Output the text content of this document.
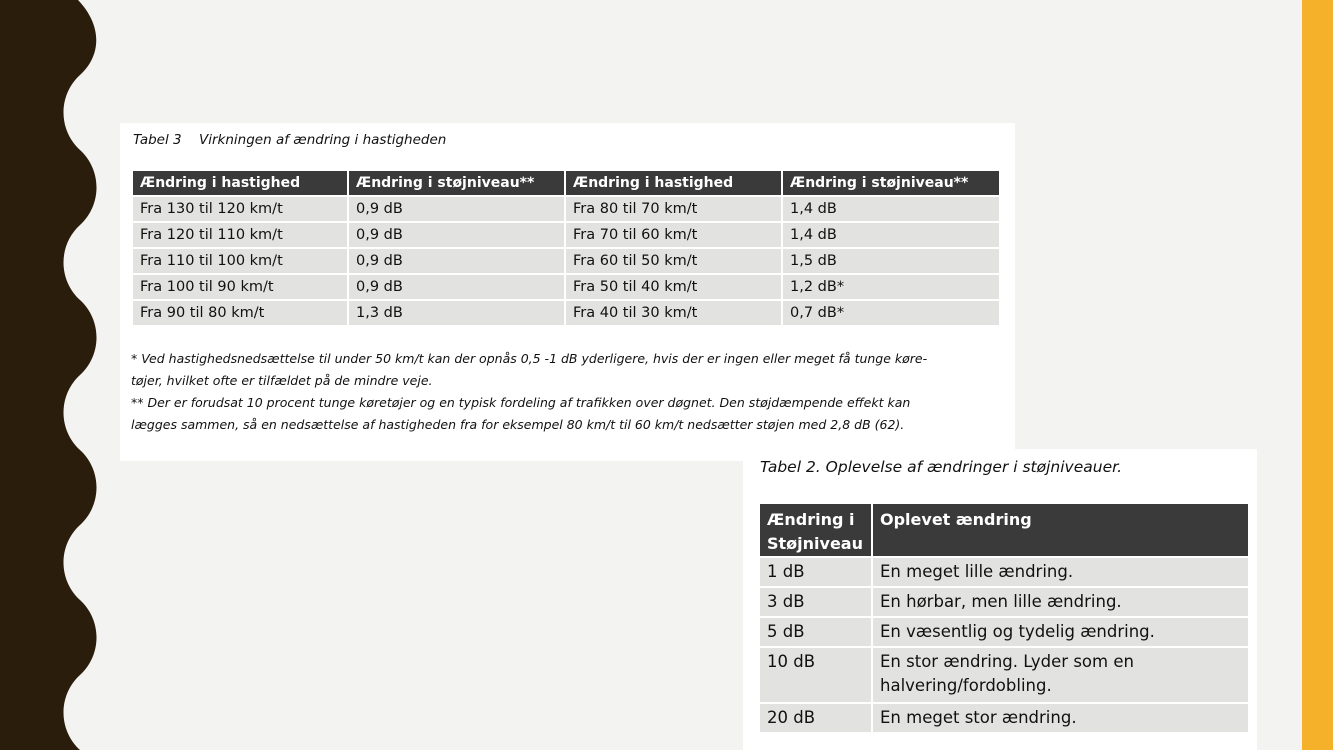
Tabel 3 Virkningen af ændring i hastigheden
Ændring i hastighed	Ændring i støjniveau**	Ændring i hastighed	Ændring i støjniveau**
Fra 130 til 120 km/t	0,9 dB	Fra 80 til 70 km/t	1,4 dB
Fra 120 til 110 km/t	0,9 dB	Fra 70 til 60 km/t	1,4 dB
Fra 110 til 100 km/t	0,9 dB	Fra 60 til 50 km/t	1,5 dB
Fra 100 til 90 km/t	0,9 dB	Fra 50 til 40 km/t	1,2 dB*
Fra 90 til 80 km/t	1,3 dB	Fra 40 til 30 km/t	0,7 dB*
* Ved hastighedsnedsættelse til under 50 km/t kan der opnås 0,5 -1 dB yderligere, hvis der er ingen eller meget få tunge køre-
tøjer, hvilket ofte er tilfældet på de mindre veje.
** Der er forudsat 10 procent tunge køretøjer og en typisk fordeling af trafikken over døgnet. Den støjdæmpende effekt kan
lægges sammen, så en nedsættelse af hastigheden fra for eksempel 80 km/t til 60 km/t nedsætter støjen med 2,8 dB (62).
Tabel 2. Oplevelse af ændringer i støjniveauer.
Ændring i Støjniveau	Oplevet ændring
1 dB	En meget lille ændring.
3 dB	En hørbar, men lille ændring.
5 dB	En væsentlig og tydelig ændring.
10 dB	En stor ændring. Lyder som en halvering/fordobling.
20 dB	En meget stor ændring.
